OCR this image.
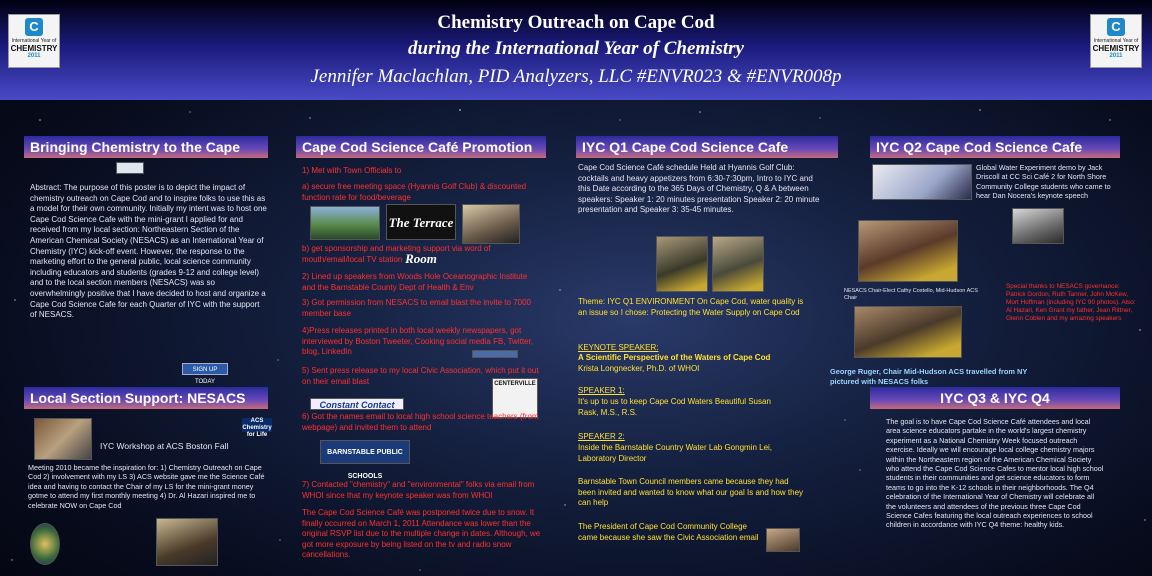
Chemistry Outreach on Cape Cod
during the International Year of Chemistry
Jennifer Maclachlan, PID Analyzers, LLC #ENVR023 & #ENVR008p
C
International Year of
CHEMISTRY
2011
C
International Year of
CHEMISTRY
2011
Bringing Chemistry to the Cape
Abstract: The purpose of this poster is to depict the impact of chemistry outreach on Cape Cod and to inspire folks to use this as a model for their own community. Initially my intent was to host one Cape Cod Science Cafe with the mini-grant I applied for and received from my local section: Northeastern Section of the American Chemical Society (NESACS) as an International Year of Chemistry (IYC) kick-off event. However, the response to the marketing effort to the general public, local science community including educators and students (grades 9-12 and college level) and to the local section members (NESACS) was so overwhelmingly positive that I have decided to host and organize a Cape Cod Science Cafe for each Quarter of IYC with the support of NESACS.
SIGN UP TODAY
Local Section Support: NESACS
ACS Chemistry for Life
IYC Workshop at ACS Boston Fall
Meeting 2010 became the inspiration for: 1) Chemistry Outreach on Cape Cod 2) involvement with my LS 3) ACS website gave me the Science Café idea and having to contact the Chair of my LS for the mini-grant money gotme to attend my first monthly meeting 4) Dr. Al Hazari inspired me to celebrate NOW on Cape Cod
Cape Cod Science Café Promotion
1) Met with Town Officials to
a) secure free meeting space (Hyannis Golf Club) & discounted function rate for food/beverage
The Terrace Room
b) get sponsorship and marketing support via word of mouth/email/local TV station
2) Lined up speakers from Woods Hole Oceanographic Institute and the Barnstable County Dept of Health & Env
3) Got permission from NESACS to email blast the invite to 7000 member base
4)Press releases printed in both local weekly newspapers, got interviewed by Boston Tweeter, Cooking social media FB, Twitter, blog, LinkedIn
5) Sent press release to my local Civic Association, which put it out on their email blast	CENTERVILLE
Constant Contact
6) Got the names email to local high school science teachers (from webpage) and invited them to attend
BARNSTABLE PUBLIC SCHOOLS
7) Contacted "chemistry" and "environmental" folks via email from WHOI since that my keynote speaker was from WHOI
The Cape Cod Science Café was postponed twice due to snow. It finally occurred on March 1, 2011 Attendance was lower than the original RSVP list due to the multiple change in dates. Although, we got more exposure by being listed on the tv and radio snow cancellations.
IYC Q1 Cape Cod Science Cafe
Cape Cod Science Café schedule Held at Hyannis Golf Club: cocktails and heavy appetizers from 6:30-7:30pm, Intro to IYC and this Date according to the 365 Days of Chemistry, Q & A between speakers: Speaker 1: 20 minutes presentation Speaker 2: 20 minute presentation and Speaker 3: 35-45 minutes.
Theme: IYC Q1 ENVIRONMENT On Cape Cod, water quality is an issue so I chose: Protecting the Water Supply on Cape Cod
KEYNOTE SPEAKER:
A Scientific Perspective of the Waters of Cape Cod
Krista Longnecker, Ph.D. of WHOI
SPEAKER 1:
It's up to us to keep Cape Cod Waters Beautiful Susan Rask, M.S., R.S.
SPEAKER 2:
Inside the Barnstable Country Water Lab Gongmin Lei, Laboratory Director
Barnstable Town Council members came because they had been invited and wanted to know what our goal Is and how they can help
The President of Cape Cod Community College came because she saw the Civic Association email
IYC Q2 Cape Cod Science Cafe
Global Water Experiment demo by Jack Driscoll at CC Sci Café 2 for North Shore Community College students who came to hear Dan Nocera's keynote speech
NESACS Chair-Elect Cathy Costello, Mid-Hudson ACS Chair
Special thanks to NESACS governance: Patrick Gordon, Ruth Tanner, John McKew, Mort Hoffman (including IYC 90 photos). Also: Al Hazari, Ken Grant my father, Jean Rittner, Glenn Coblen and my amazing speakers
George Ruger, Chair Mid-Hudson ACS travelled from NY pictured with NESACS folks
IYC Q3 & IYC Q4
The goal is to have Cape Cod Science Café attendees and local area science educators partake in the world's largest chemistry experiment as a National Chemistry Week focused outreach exercise. Ideally we will encourage local college chemistry majors within the Northeastern region of the American Chemical Society who attend the Cape Cod Science Cafes to mentor local high school students in their communities and get science educators to form teams to go into the K-12 schools in their neighborhoods. The Q4 celebration of the International Year of Chemistry will celebrate all the volunteers and attendees of the previous three Cape Cod Science Cafes featuring the local outreach experiences to school children in accordance with IYC Q4 theme: healthy kids.
